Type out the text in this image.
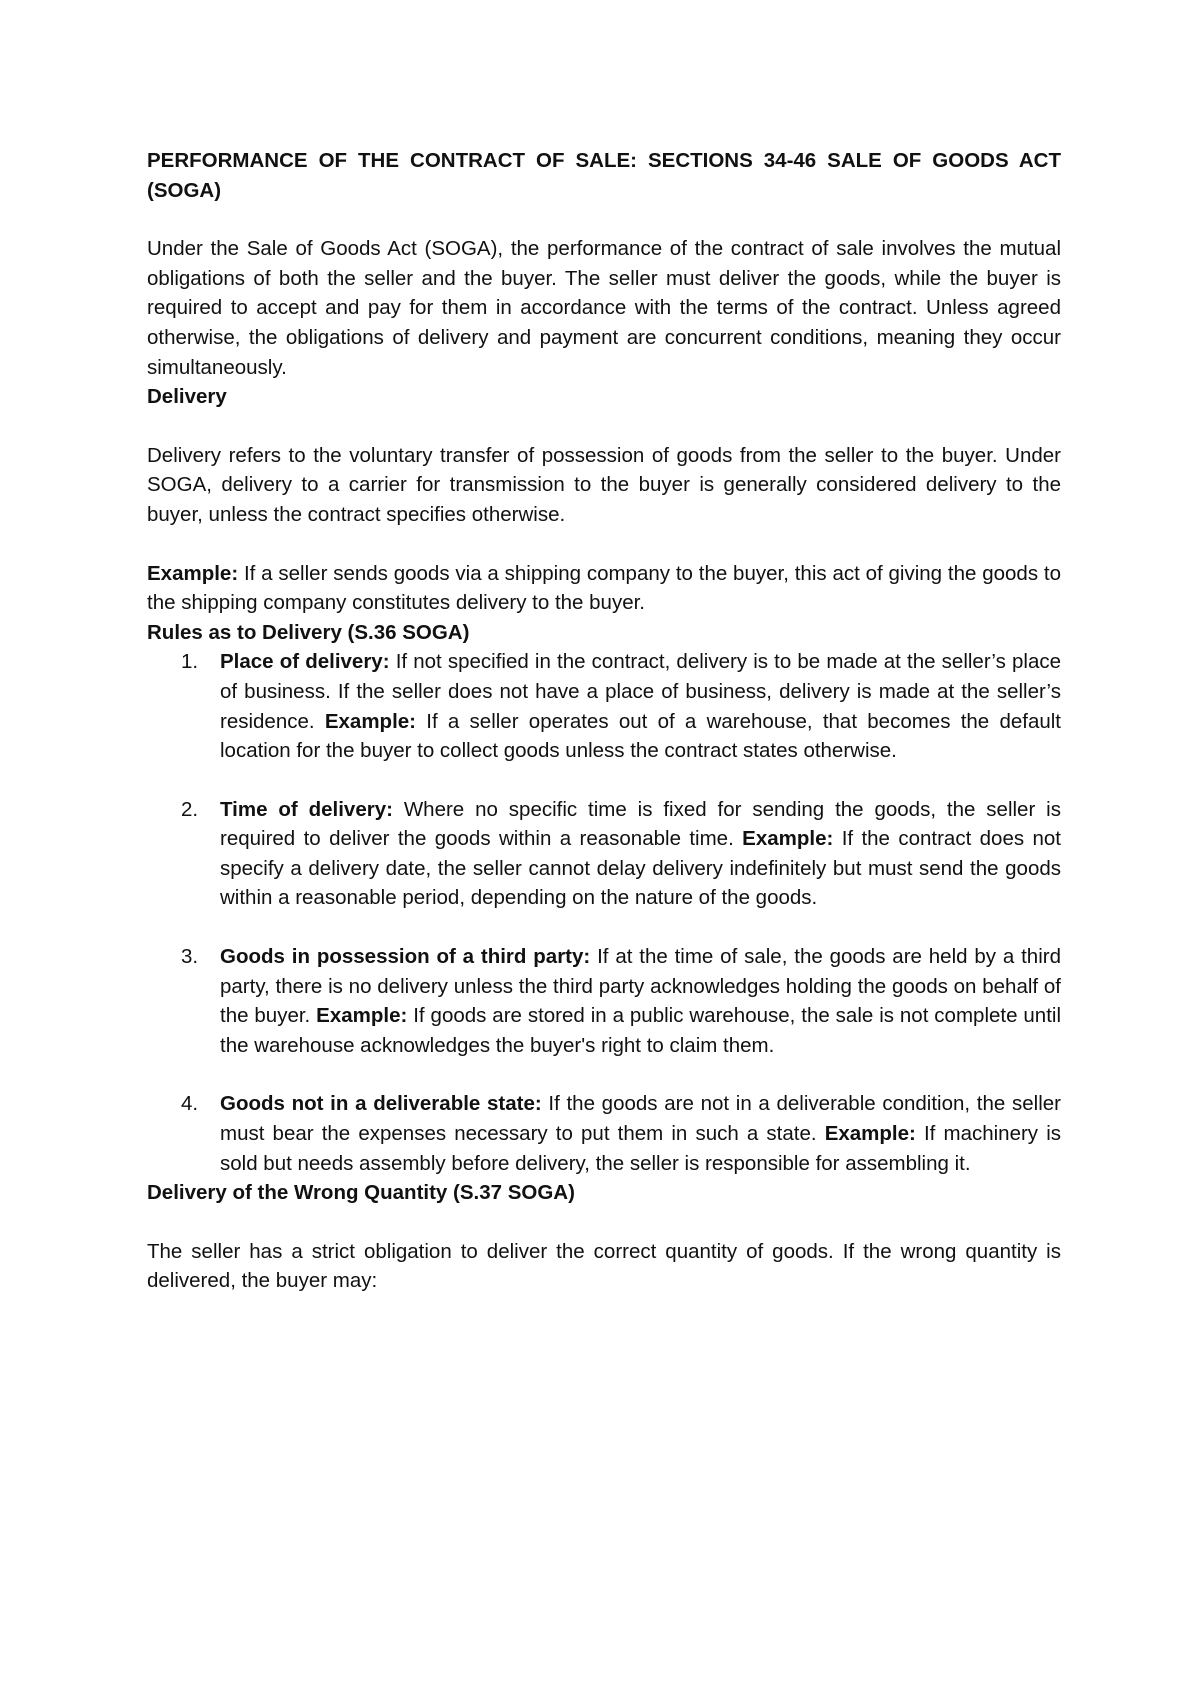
PERFORMANCE OF THE CONTRACT OF SALE: SECTIONS 34-46 SALE OF GOODS ACT (SOGA)

Under the Sale of Goods Act (SOGA), the performance of the contract of sale involves the mutual obligations of both the seller and the buyer. The seller must deliver the goods, while the buyer is required to accept and pay for them in accordance with the terms of the contract. Unless agreed otherwise, the obligations of delivery and payment are concurrent conditions, meaning they occur simultaneously.

Delivery

Delivery refers to the voluntary transfer of possession of goods from the seller to the buyer. Under SOGA, delivery to a carrier for transmission to the buyer is generally considered delivery to the buyer, unless the contract specifies otherwise.

Example: If a seller sends goods via a shipping company to the buyer, this act of giving the goods to the shipping company constitutes delivery to the buyer.

Rules as to Delivery (S.36 SOGA)
1. Place of delivery: If not specified in the contract, delivery is to be made at the seller’s place of business. If the seller does not have a place of business, delivery is made at the seller’s residence. Example: If a seller operates out of a warehouse, that becomes the default location for the buyer to collect goods unless the contract states otherwise.
2. Time of delivery: Where no specific time is fixed for sending the goods, the seller is required to deliver the goods within a reasonable time. Example: If the contract does not specify a delivery date, the seller cannot delay delivery indefinitely but must send the goods within a reasonable period, depending on the nature of the goods.
3. Goods in possession of a third party: If at the time of sale, the goods are held by a third party, there is no delivery unless the third party acknowledges holding the goods on behalf of the buyer. Example: If goods are stored in a public warehouse, the sale is not complete until the warehouse acknowledges the buyer's right to claim them.
4. Goods not in a deliverable state: If the goods are not in a deliverable condition, the seller must bear the expenses necessary to put them in such a state. Example: If machinery is sold but needs assembly before delivery, the seller is responsible for assembling it.
Delivery of the Wrong Quantity (S.37 SOGA)

The seller has a strict obligation to deliver the correct quantity of goods. If the wrong quantity is delivered, the buyer may:
